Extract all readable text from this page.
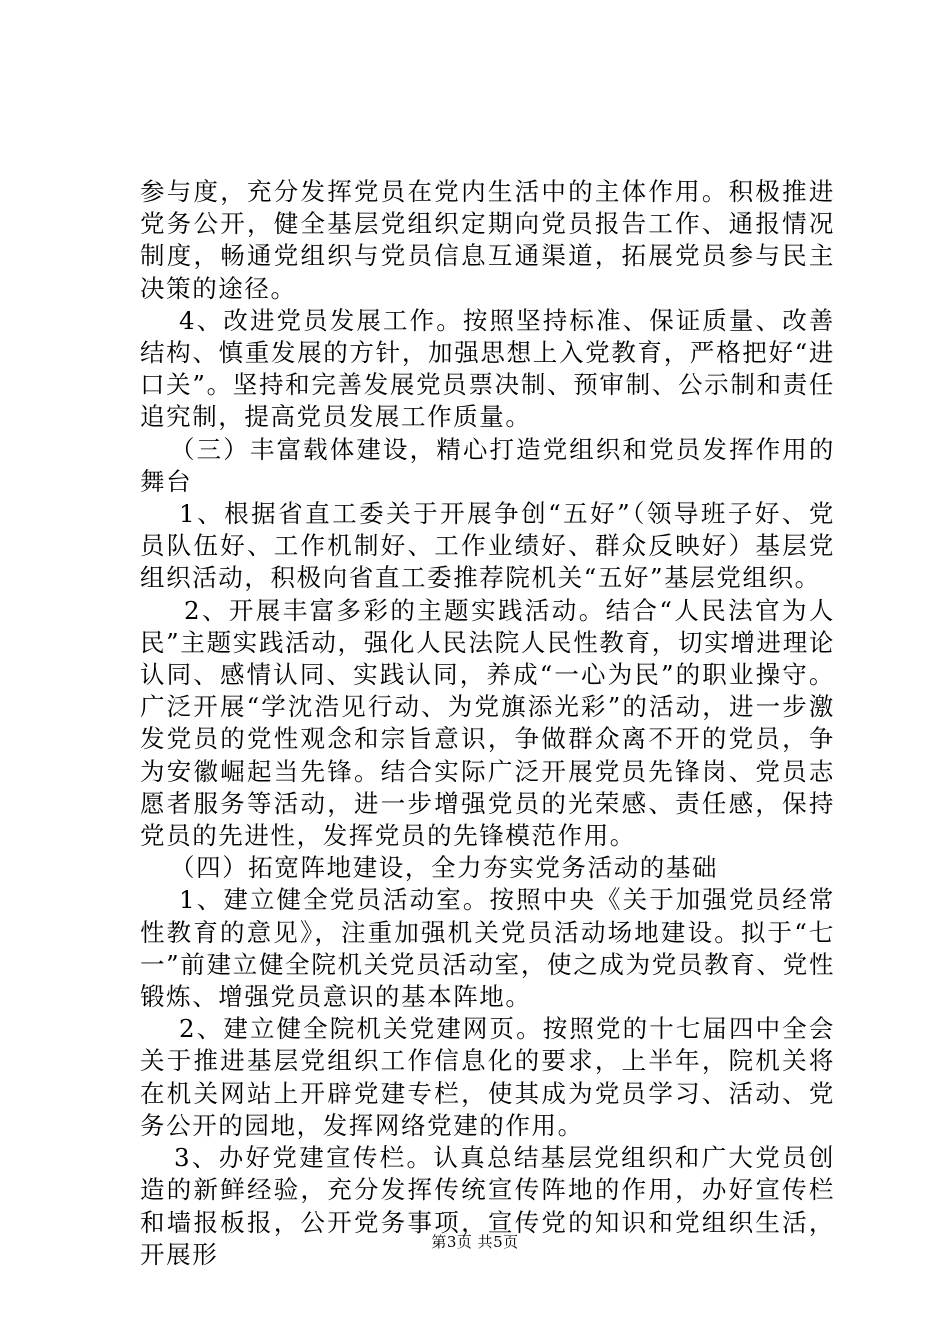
参与度，充分发挥党员在党内生活中的主体作用。积极推进党务公开，健全基层党组织定期向党员报告工作、通报情况制度，畅通党组织与党员信息互通渠道，拓展党员参与民主决策的途径。

4、改进党员发展工作。按照坚持标准、保证质量、改善结构、慎重发展的方针，加强思想上入党教育，严格把好“进口关”。坚持和完善发展党员票决制、预审制、公示制和责任追究制，提高党员发展工作质量。

（三）丰富载体建设，精心打造党组织和党员发挥作用的舞台

1、根据省直工委关于开展争创“五好”（领导班子好、党员队伍好、工作机制好、工作业绩好、群众反映好）基层党组织活动，积极向省直工委推荐院机关“五好”基层党组织。

2、开展丰富多彩的主题实践活动。结合“人民法官为人民”主题实践活动，强化人民法院人民性教育，切实增进理论认同、感情认同、实践认同，养成“一心为民”的职业操守。广泛开展“学沈浩见行动、为党旗添光彩”的活动，进一步激发党员的党性观念和宗旨意识，争做群众离不开的党员，争为安徽崛起当先锋。结合实际广泛开展党员先锋岗、党员志愿者服务等活动，进一步增强党员的光荣感、责任感，保持党员的先进性，发挥党员的先锋模范作用。

（四）拓宽阵地建设，全力夯实党务活动的基础

1、建立健全党员活动室。按照中央《关于加强党员经常性教育的意见》，注重加强机关党员活动场地建设。拟于“七一”前建立健全院机关党员活动室，使之成为党员教育、党性锻炼、增强党员意识的基本阵地。

2、建立健全院机关党建网页。按照党的十七届四中全会关于推进基层党组织工作信息化的要求，上半年，院机关将在机关网站上开辟党建专栏，使其成为党员学习、活动、党务公开的园地，发挥网络党建的作用。

3、办好党建宣传栏。认真总结基层党组织和广大党员创造的新鲜经验，充分发挥传统宣传阵地的作用，办好宣传栏和墙报板报，公开党务事项，宣传党的知识和党组织生活，开展形	第3页 共5页
